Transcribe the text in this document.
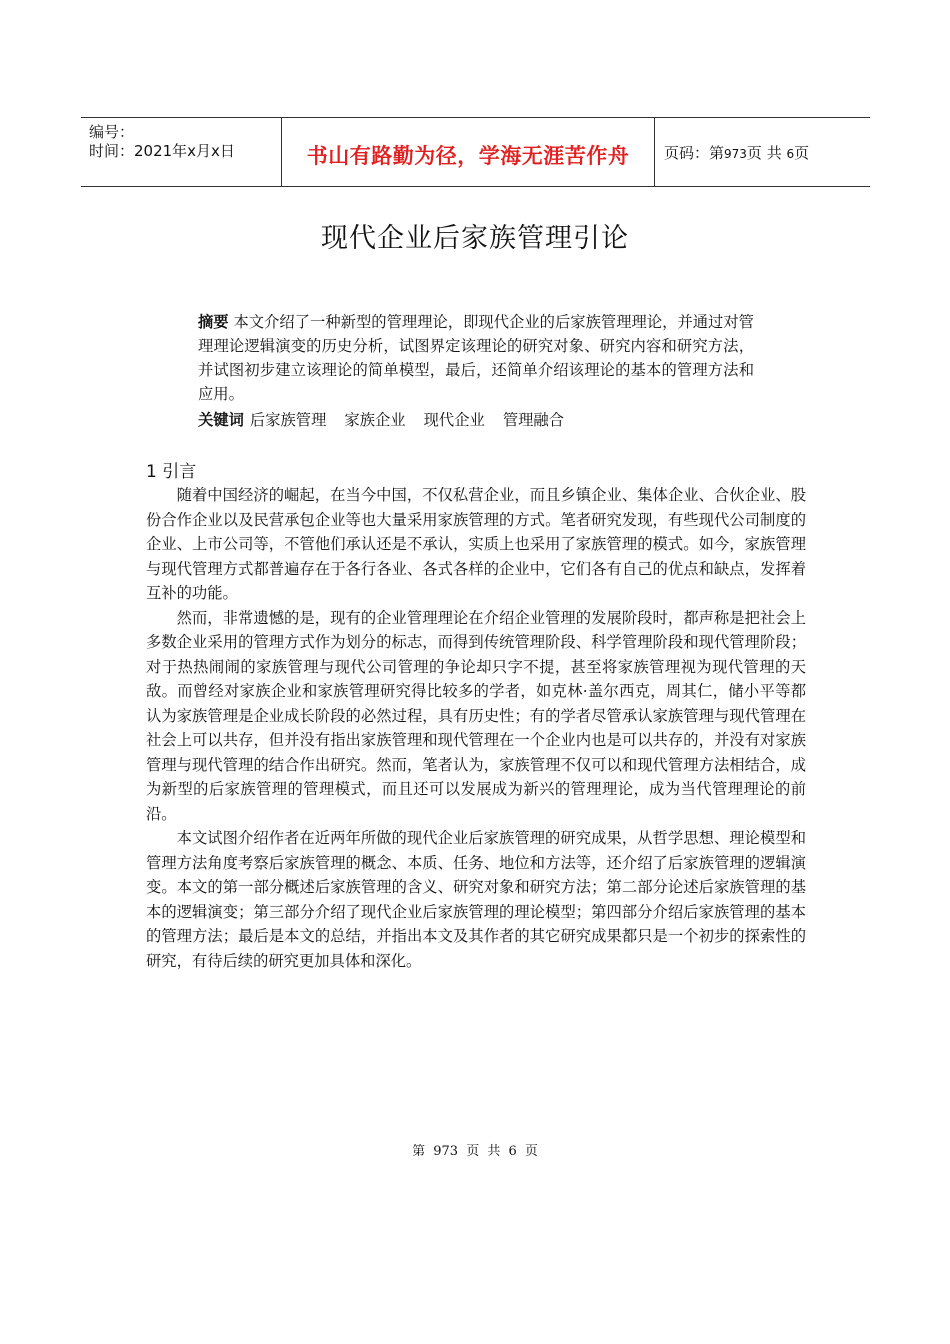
编号：
时间：2021年x月x日	书山有路勤为径，学海无涯苦作舟	页码：第973页 共 6页
现代企业后家族管理引论
摘要 本文介绍了一种新型的管理理论，即现代企业的后家族管理理论，并通过对管理理论逻辑演变的历史分析，试图界定该理论的研究对象、研究内容和研究方法，并试图初步建立该理论的简单模型，最后，还简单介绍该理论的基本的管理方法和应用。
关键词 后家族管理 家族企业 现代企业 管理融合
1 引言

随着中国经济的崛起，在当今中国，不仅私营企业，而且乡镇企业、集体企业、合伙企业、股份合作企业以及民营承包企业等也大量采用家族管理的方式。笔者研究发现，有些现代公司制度的企业、上市公司等，不管他们承认还是不承认，实质上也采用了家族管理的模式。如今，家族管理与现代管理方式都普遍存在于各行各业、各式各样的企业中，它们各有自己的优点和缺点，发挥着互补的功能。

然而，非常遗憾的是，现有的企业管理理论在介绍企业管理的发展阶段时，都声称是把社会上多数企业采用的管理方式作为划分的标志，而得到传统管理阶段、科学管理阶段和现代管理阶段；对于热热闹闹的家族管理与现代公司管理的争论却只字不提，甚至将家族管理视为现代管理的天敌。而曾经对家族企业和家族管理研究得比较多的学者，如克林·盖尔西克，周其仁，储小平等都认为家族管理是企业成长阶段的必然过程，具有历史性；有的学者尽管承认家族管理与现代管理在社会上可以共存，但并没有指出家族管理和现代管理在一个企业内也是可以共存的，并没有对家族管理与现代管理的结合作出研究。然而，笔者认为，家族管理不仅可以和现代管理方法相结合，成为新型的后家族管理的管理模式，而且还可以发展成为新兴的管理理论，成为当代管理理论的前沿。

本文试图介绍作者在近两年所做的现代企业后家族管理的研究成果，从哲学思想、理论模型和管理方法角度考察后家族管理的概念、本质、任务、地位和方法等，还介绍了后家族管理的逻辑演变。本文的第一部分概述后家族管理的含义、研究对象和研究方法；第二部分论述后家族管理的基本的逻辑演变；第三部分介绍了现代企业后家族管理的理论模型；第四部分介绍后家族管理的基本的管理方法；最后是本文的总结，并指出本文及其作者的其它研究成果都只是一个初步的探索性的研究，有待后续的研究更加具体和深化。

第 973 页 共 6 页
